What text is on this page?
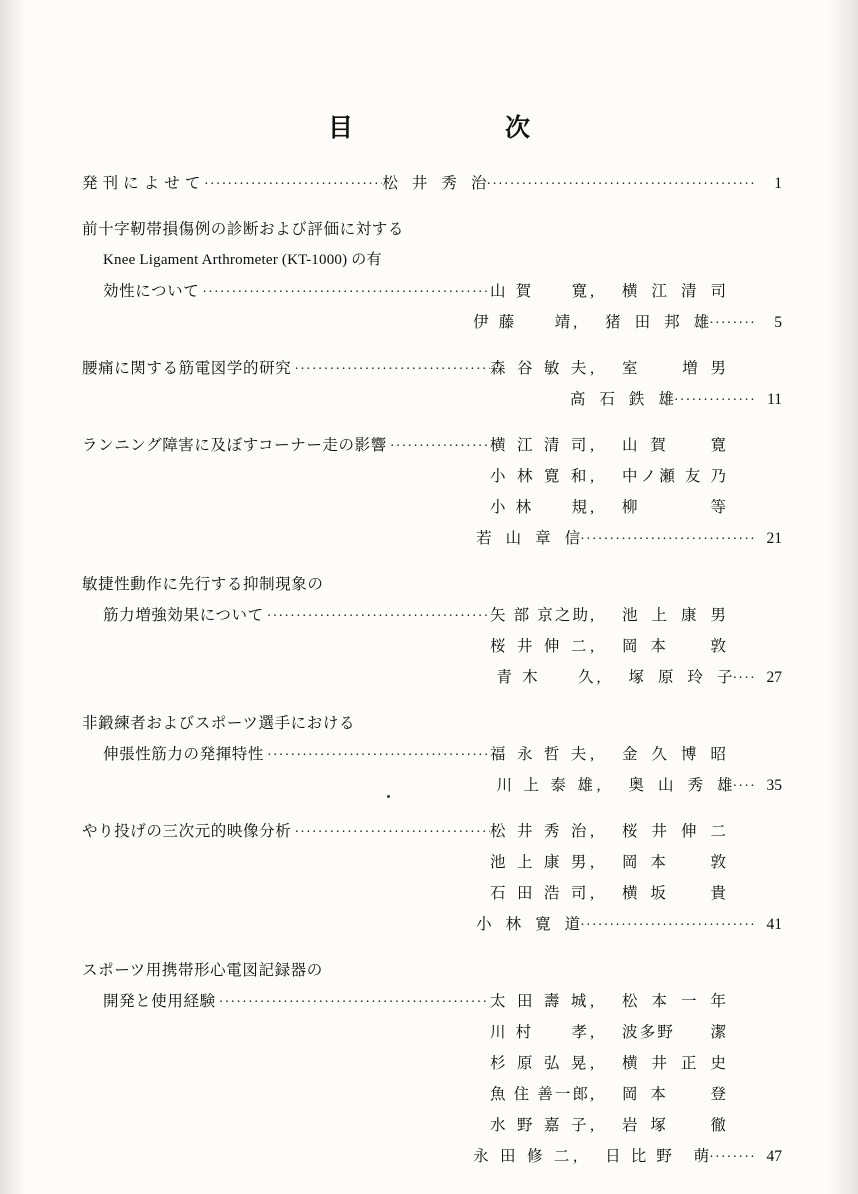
目　　次
発 刊 に よ せ て ·····	松 井 秀 治 ··············································	1
前十字靭帯損傷例の診断および評価に対する
Knee Ligament Arthrometer (KT-1000) の有
効性について ·····	山 賀　　寛, 横 江 清 司
伊 藤　　靖, 猪 田 邦 雄 ········	5
腰痛に関する筋電図学的研究 ·····	森 谷 敏 夫, 室　　増 男
高 石 鉄 雄 ·············· 11
ランニング障害に及ぼすコーナー走の影響 ·····	横 江 清 司, 山 賀　　寛
小 林 寛 和, 中ノ瀬 友 乃
小 林　　規, 柳　　　等
若 山 章 信 ······························ 21
敏捷性動作に先行する抑制現象の
筋力増強効果について ·····	矢 部 京之助, 池 上 康 男
桜 井 伸 二, 岡 本　　敦
青 木　　久, 塚 原 玲 子 ···· 27
非鍛練者およびスポーツ選手における
伸張性筋力の発揮特性 ·····	福 永 哲 夫, 金 久 博 昭
川 上 泰 雄, 奥 山 秀 雄 ···· 35
やり投げの三次元的映像分析 ·····	松 井 秀 治, 桜 井 伸 二
池 上 康 男, 岡 本　　敦
石 田 浩 司, 横 坂　　貴
小 林 寛 道 ······························ 41
スポーツ用携帯形心電図記録器の
開発と使用経験 ·····	太 田 壽 城, 松 本 一 年
川 村　　孝, 波多野　　潔
杉 原 弘 晃, 横 井 正 史
魚 住 善一郎, 岡 本　　登
水 野 嘉 子, 岩 塚　　徹
永 田 修 二, 日 比 野　萌 ········ 47
